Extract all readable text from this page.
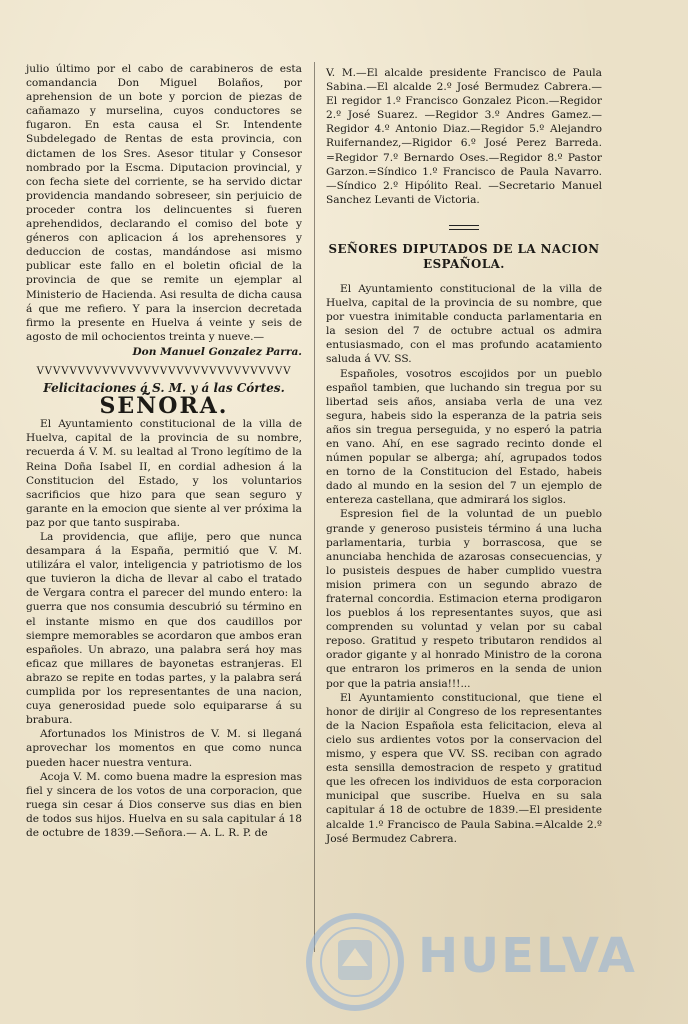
julio último por el cabo de carabineros de esta comandancia Don Miguel Bolaños, por aprehension de un bote y porcion de piezas de cañamazo y murselina, cuyos conductores se fugaron. En esta causa el Sr. Intendente Subdelegado de Rentas de esta provincia, con dictamen de los Sres. Asesor titular y Consesor nombrado por la Escma. Diputacion provincial, y con fecha siete del corriente, se ha servido dictar providencia mandando sobreseer, sin perjuicio de proceder contra los delincuentes si fueren aprehendidos, declarando el comiso del bote y géneros con aplicacion á los aprehensores y deduccion de costas, mandándose asi mismo publicar este fallo en el boletin oficial de la provincia de que se remite un ejemplar al Ministerio de Hacienda. Asi resulta de dicha causa á que me refiero. Y para la insercion decretada firmo la presente en Huelva á veinte y seis de agosto de mil ochocientos treinta y nueve.—

Don Manuel Gonzalez Parra.

VVVVVVVVVVVVVVVVVVVVVVVVVVVVVVV
Felicitaciones á S. M. y á las Córtes.
SEÑORA.

El Ayuntamiento constitucional de la villa de Huelva, capital de la provincia de su nombre, recuerda á V. M. su lealtad al Trono legítimo de la Reina Doña Isabel II, en cordial adhesion á la Constitucion del Estado, y los voluntarios sacrificios que hizo para que sean seguro y garante en la emocion que siente al ver próxima la paz por que tanto suspiraba.

La providencia, que aflije, pero que nunca desampara á la España, permitió que V. M. utilizára el valor, inteligencia y patriotismo de los que tuvieron la dicha de llevar al cabo el tratado de Vergara contra el parecer del mundo entero: la guerra que nos consumia descubrió su término en el instante mismo en que dos caudillos por siempre memorables se acordaron que ambos eran españoles. Un abrazo, una palabra será hoy mas eficaz que millares de bayonetas estranjeras. El abrazo se repite en todas partes, y la palabra será cumplida por los representantes de una nacion, cuya generosidad puede solo equipararse á su brabura.

Afortunados los Ministros de V. M. si lleganá aprovechar los momentos en que como nunca pueden hacer nuestra ventura.

Acoja V. M. como buena madre la espresion mas fiel y sincera de los votos de una corporacion, que ruega sin cesar á Dios conserve sus dias en bien de todos sus hijos. Huelva en su sala capitular á 18 de octubre de 1839.—Señora.— A. L. R. P. de

V. M.—El alcalde presidente Francisco de Paula Sabina.—El alcalde 2.º José Bermudez Cabrera.—El regidor 1.º Francisco Gonzalez Picon.—Regidor 2.º José Suarez. —Regidor 3.º Andres Gamez.—Regidor 4.º Antonio Diaz.—Regidor 5.º Alejandro Ruifernandez,—Rigidor 6.º José Perez Barreda. =Regidor 7.º Bernardo Oses.—Regidor 8.º Pastor Garzon.=Síndico 1.º Francisco de Paula Navarro.—Síndico 2.º Hipólito Real. —Secretario Manuel Sanchez Levanti de Victoria.

SEÑORES DIPUTADOS DE LA NACION ESPAÑOLA.

El Ayuntamiento constitucional de la villa de Huelva, capital de la provincia de su nombre, que por vuestra inimitable conducta parlamentaria en la sesion del 7 de octubre actual os admira entusiasmado, con el mas profundo acatamiento saluda á VV. SS.

Españoles, vosotros escojidos por un pueblo español tambien, que luchando sin tregua por su libertad seis años, ansiaba verla de una vez segura, habeis sido la esperanza de la patria seis años sin tregua perseguida, y no esperó la patria en vano. Ahí, en ese sagrado recinto donde el númen popular se alberga; ahí, agrupados todos en torno de la Constitucion del Estado, habeis dado al mundo en la sesion del 7 un ejemplo de entereza castellana, que admirará los siglos.

Espresion fiel de la voluntad de un pueblo grande y generoso pusisteis término á una lucha parlamentaria, turbia y borrascosa, que se anunciaba henchida de azarosas consecuencias, y lo pusisteis despues de haber cumplido vuestra mision primera con un segundo abrazo de fraternal concordia. Estimacion eterna prodigaron los pueblos á los representantes suyos, que asi comprenden su voluntad y velan por su cabal reposo. Gratitud y respeto tributaron rendidos al orador gigante y al honrado Ministro de la corona que entraron los primeros en la senda de union por que la patria ansia!!!...

El Ayuntamiento constitucional, que tiene el honor de dirijir al Congreso de los representantes de la Nacion Española esta felicitacion, eleva al cielo sus ardientes votos por la conservacion del mismo, y espera que VV. SS. reciban con agrado esta sensilla demostracion de respeto y gratitud que les ofrecen los individuos de esta corporacion municipal que suscribe. Huelva en su sala capitular á 18 de octubre de 1839.—El presidente alcalde 1.º Francisco de Paula Sabina.=Alcalde 2.º José Bermudez Cabrera.

HUELVA
